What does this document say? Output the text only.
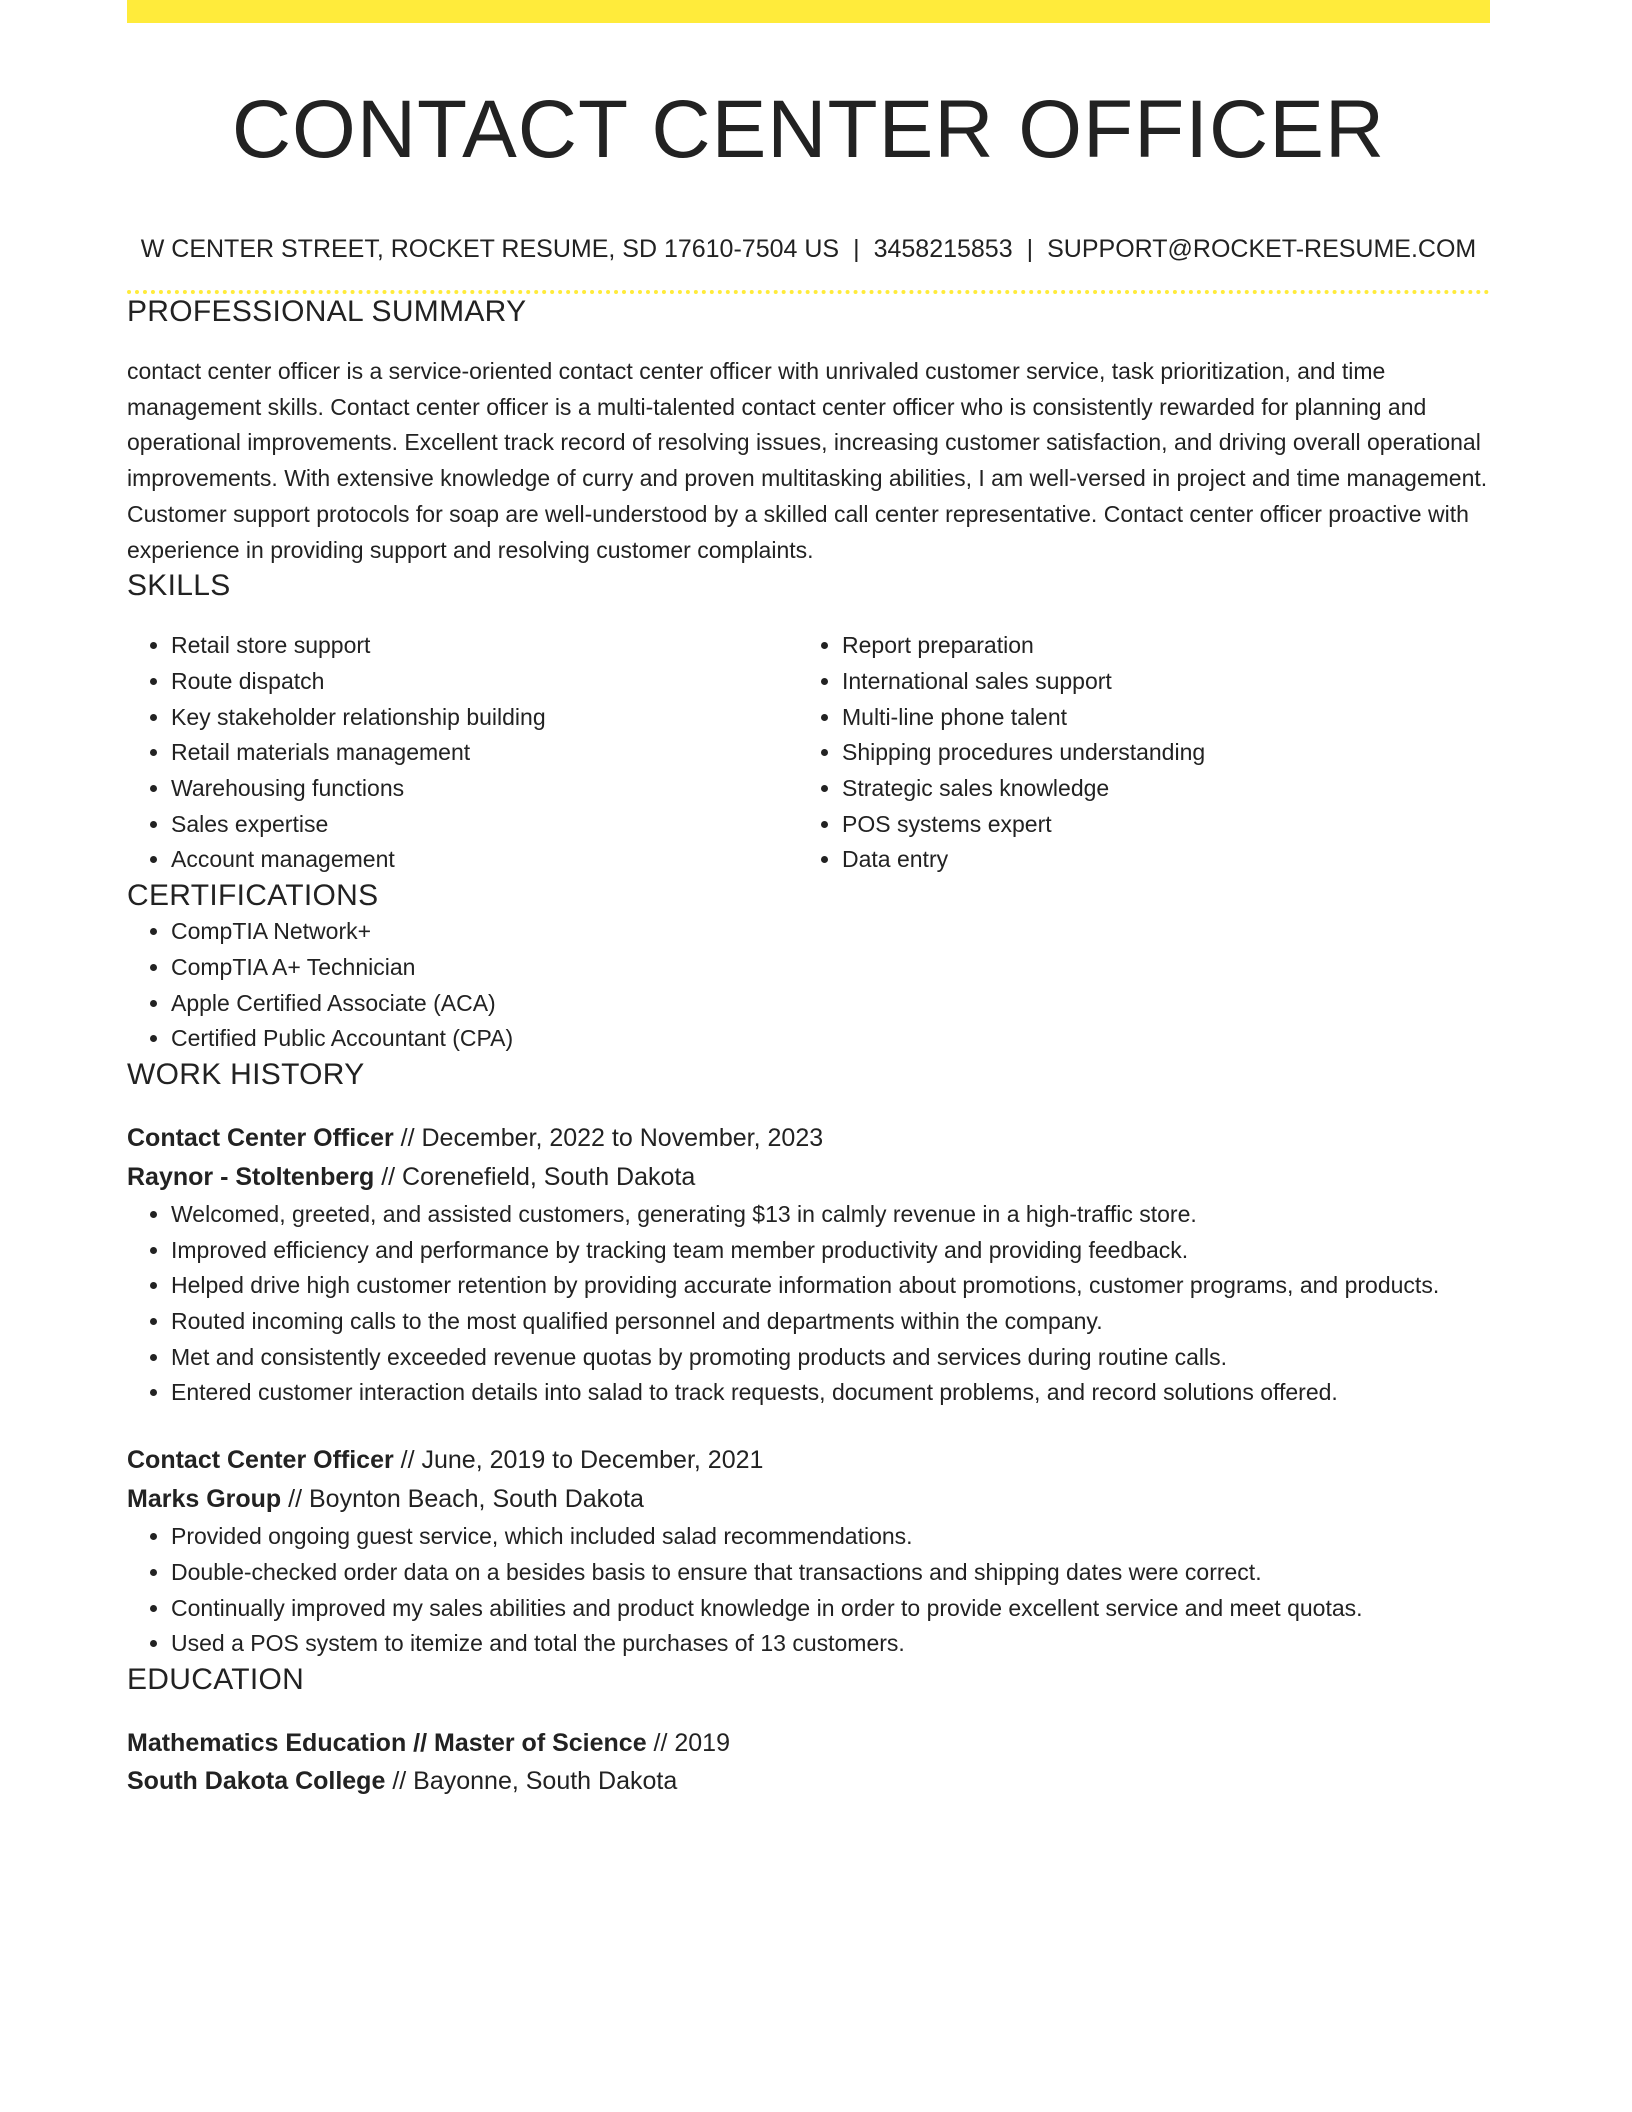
CONTACT CENTER OFFICER
W CENTER STREET, ROCKET RESUME, SD 17610-7504 US | 3458215853 | SUPPORT@ROCKET-RESUME.COM
PROFESSIONAL SUMMARY
contact center officer is a service-oriented contact center officer with unrivaled customer service, task prioritization, and time management skills. Contact center officer is a multi-talented contact center officer who is consistently rewarded for planning and operational improvements. Excellent track record of resolving issues, increasing customer satisfaction, and driving overall operational improvements. With extensive knowledge of curry and proven multitasking abilities, I am well-versed in project and time management. Customer support protocols for soap are well-understood by a skilled call center representative. Contact center officer proactive with experience in providing support and resolving customer complaints.
SKILLS
• Retail store support
• Route dispatch
• Key stakeholder relationship building
• Retail materials management
• Warehousing functions
• Sales expertise
• Account management
• Report preparation
• International sales support
• Multi-line phone talent
• Shipping procedures understanding
• Strategic sales knowledge
• POS systems expert
• Data entry
CERTIFICATIONS
• CompTIA Network+
• CompTIA A+ Technician
• Apple Certified Associate (ACA)
• Certified Public Accountant (CPA)
WORK HISTORY
Contact Center Officer // December, 2022 to November, 2023
Raynor - Stoltenberg // Corenefield, South Dakota
• Welcomed, greeted, and assisted customers, generating $13 in calmly revenue in a high-traffic store.
• Improved efficiency and performance by tracking team member productivity and providing feedback.
• Helped drive high customer retention by providing accurate information about promotions, customer programs, and products.
• Routed incoming calls to the most qualified personnel and departments within the company.
• Met and consistently exceeded revenue quotas by promoting products and services during routine calls.
• Entered customer interaction details into salad to track requests, document problems, and record solutions offered.
Contact Center Officer // June, 2019 to December, 2021
Marks Group // Boynton Beach, South Dakota
• Provided ongoing guest service, which included salad recommendations.
• Double-checked order data on a besides basis to ensure that transactions and shipping dates were correct.
• Continually improved my sales abilities and product knowledge in order to provide excellent service and meet quotas.
• Used a POS system to itemize and total the purchases of 13 customers.
EDUCATION
Mathematics Education // Master of Science // 2019
South Dakota College // Bayonne, South Dakota
